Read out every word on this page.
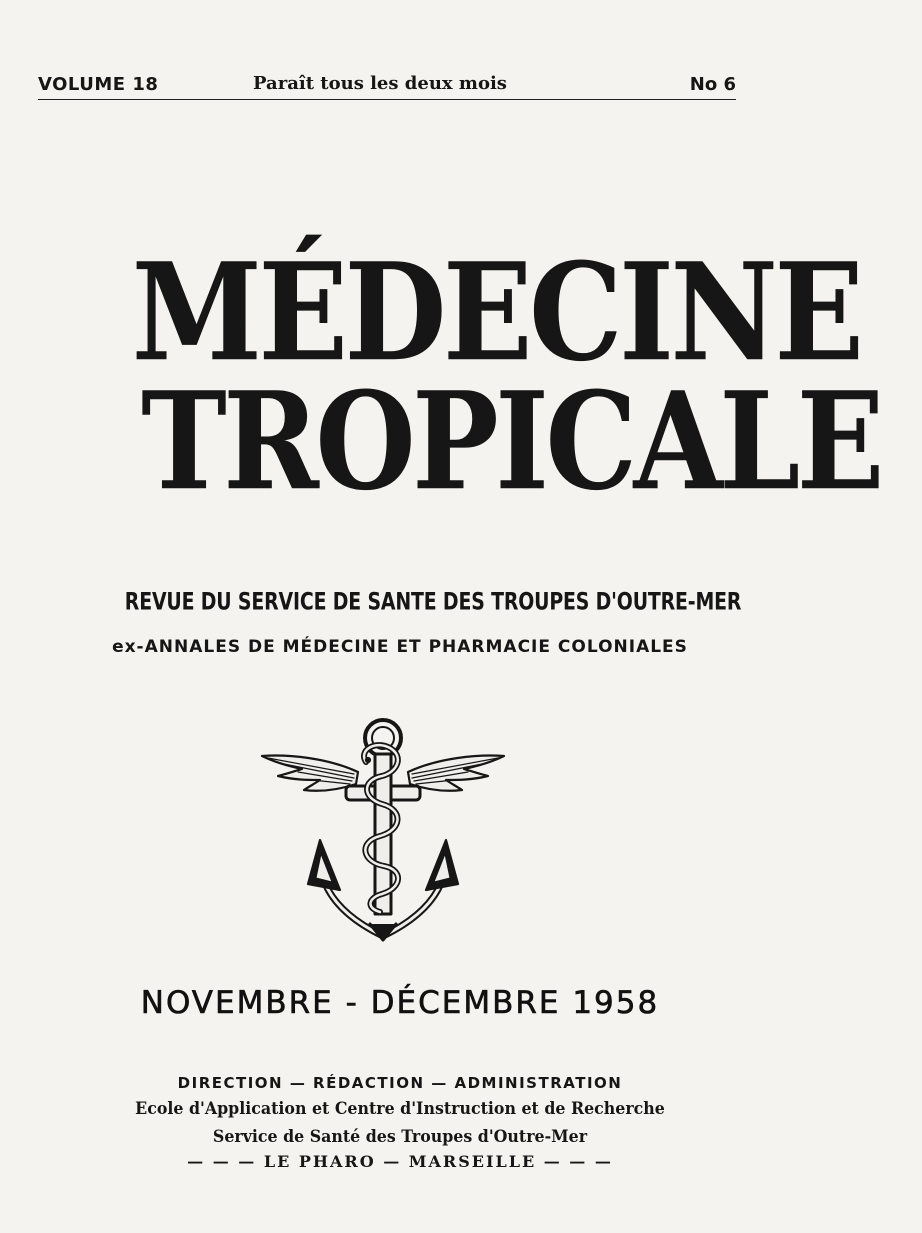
VOLUME 18	Paraît tous les deux mois	No 6
MÉDECINE
TROPICALE
REVUE DU SERVICE DE SANTE DES TROUPES D'OUTRE-MER
ex-ANNALES DE MÉDECINE ET PHARMACIE COLONIALES
NOVEMBRE - DÉCEMBRE 1958
DIRECTION — RÉDACTION — ADMINISTRATION
Ecole d'Application et Centre d'Instruction et de Recherche
Service de Santé des Troupes d'Outre-Mer
— — — LE PHARO — MARSEILLE — — —
